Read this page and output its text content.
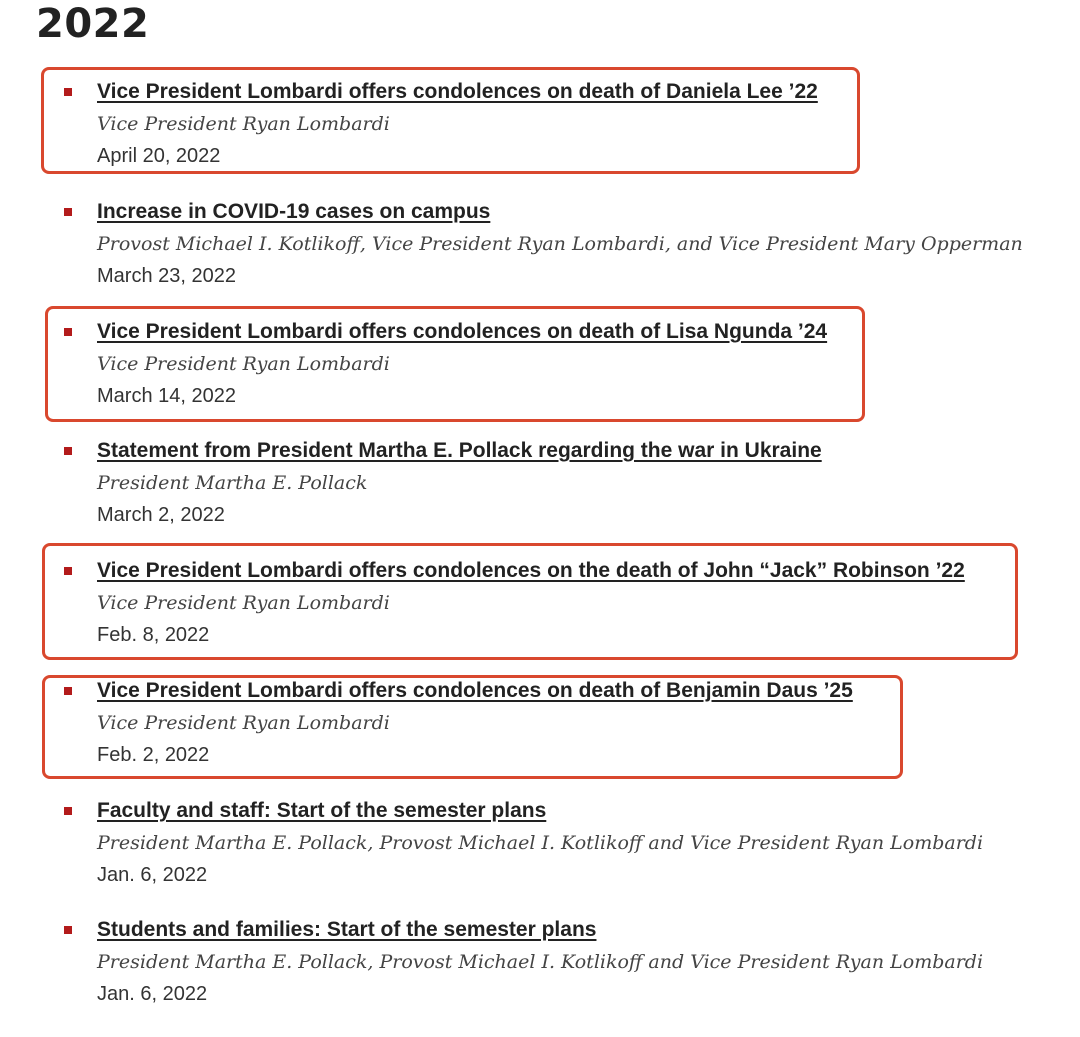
2022
Vice President Lombardi offers condolences on death of Daniela Lee ’22
Vice President Ryan Lombardi
April 20, 2022
Increase in COVID-19 cases on campus
Provost Michael I. Kotlikoff, Vice President Ryan Lombardi, and Vice President Mary Opperman
March 23, 2022
Vice President Lombardi offers condolences on death of Lisa Ngunda ’24
Vice President Ryan Lombardi
March 14, 2022
Statement from President Martha E. Pollack regarding the war in Ukraine
President Martha E. Pollack
March 2, 2022
Vice President Lombardi offers condolences on the death of John “Jack” Robinson ’22
Vice President Ryan Lombardi
Feb. 8, 2022
Vice President Lombardi offers condolences on death of Benjamin Daus ’25
Vice President Ryan Lombardi
Feb. 2, 2022
Faculty and staff: Start of the semester plans
President Martha E. Pollack, Provost Michael I. Kotlikoff and Vice President Ryan Lombardi
Jan. 6, 2022
Students and families: Start of the semester plans
President Martha E. Pollack, Provost Michael I. Kotlikoff and Vice President Ryan Lombardi
Jan. 6, 2022
